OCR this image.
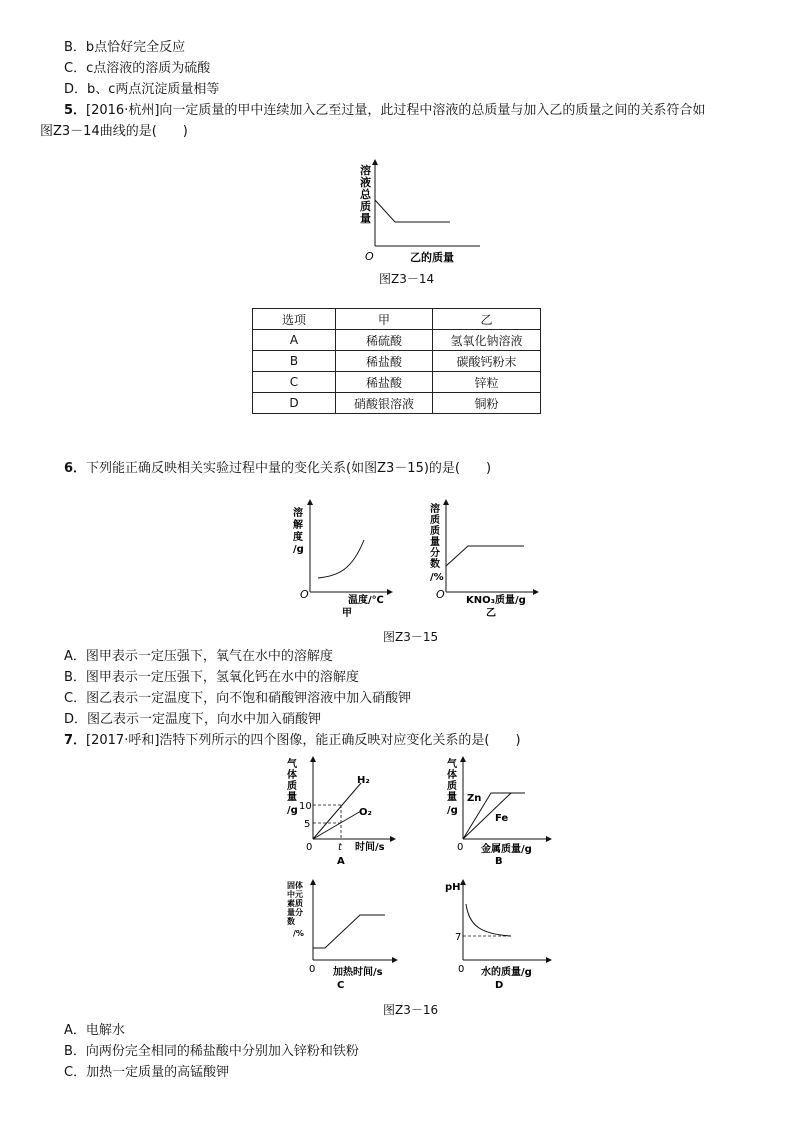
B．b点恰好完全反应
C．c点溶液的溶质为硫酸
D．b、c两点沉淀质量相等
5．[2016·杭州]向一定质量的甲中连续加入乙至过量，此过程中溶液的总质量与加入乙的质量之间的关系符合如
图Z3－14曲线的是(　　)
溶
液
总
质
量
O	乙的质量
图Z3－14
选项	甲	乙
A	稀硫酸	氢氧化钠溶液
B	稀盐酸	碳酸钙粉末
C	稀盐酸	锌粒
D	硝酸银溶液	铜粉
6．下列能正确反映相关实验过程中量的变化关系(如图Z3－15)的是(　　)
溶
解
度
/g
O	温度/℃
甲
溶
质
质
量
分
数
/%
O KNO₃质量/g
乙
图Z3－15
A．图甲表示一定压强下，氧气在水中的溶解度
B．图甲表示一定压强下，氢氧化钙在水中的溶解度
C．图乙表示一定温度下，向不饱和硝酸钾溶液中加入硝酸钾
D．图乙表示一定温度下，向水中加入硝酸钾
7．[2017·呼和]浩特下列所示的四个图像，能正确反映对应变化关系的是(　　)
气
体
质
量
/g 10
5
0	t 时间/s
H₂
O₂
A
气
体
质
量
/g
Zn
Fe
0 金属质量/g
B
固 体
中 元
素 质
量 分
数
/%
0 加热时间/s
C
pH
7
0 水的质量/g
D
图Z3－16
A．电解水
B．向两份完全相同的稀盐酸中分别加入锌粉和铁粉
C．加热一定质量的高锰酸钾
